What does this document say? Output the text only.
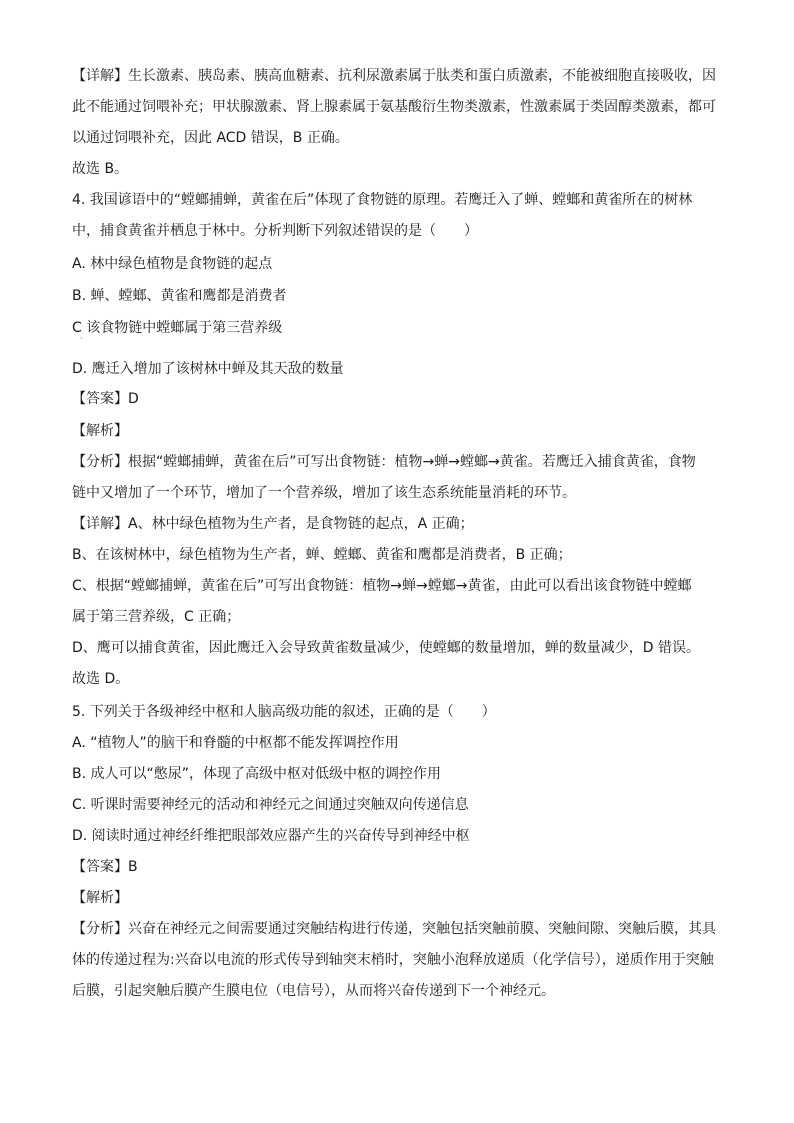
【详解】生长激素、胰岛素、胰高血糖素、抗利尿激素属于肽类和蛋白质激素，不能被细胞直接吸收，因
此不能通过饲喂补充；甲状腺激素、肾上腺素属于氨基酸衍生物类激素，性激素属于类固醇类激素，都可
以通过饲喂补充，因此 ACD 错误，B 正确。
故选 B。
4. 我国谚语中的“螳螂捕蝉，黄雀在后”体现了食物链的原理。若鹰迁入了蝉、螳螂和黄雀所在的树林
中，捕食黄雀并栖息于林中。分析判断下列叙述错误的是（　　）
A. 林中绿色植物是食物链的起点
B. 蝉、螳螂、黄雀和鹰都是消费者
C 该食物链中螳螂属于第三营养级
·
D. 鹰迁入增加了该树林中蝉及其天敌的数量
【答案】D
【解析】
【分析】根据“螳螂捕蝉，黄雀在后”可写出食物链：植物→蝉→螳螂→黄雀。若鹰迁入捕食黄雀，食物
链中又增加了一个环节，增加了一个营养级，增加了该生态系统能量消耗的环节。
【详解】A、林中绿色植物为生产者，是食物链的起点，A 正确；
B、在该树林中，绿色植物为生产者，蝉、螳螂、黄雀和鹰都是消费者，B 正确；
C、根据“螳螂捕蝉，黄雀在后”可写出食物链：植物→蝉→螳螂→黄雀，由此可以看出该食物链中螳螂
属于第三营养级，C 正确；
D、鹰可以捕食黄雀，因此鹰迁入会导致黄雀数量减少，使螳螂的数量增加，蝉的数量减少，D 错误。
故选 D。
5. 下列关于各级神经中枢和人脑高级功能的叙述，正确的是（　　）
A. “植物人”的脑干和脊髓的中枢都不能发挥调控作用
B. 成人可以“憋尿”，体现了高级中枢对低级中枢的调控作用
C. 听课时需要神经元的活动和神经元之间通过突触双向传递信息
D. 阅读时通过神经纤维把眼部效应器产生的兴奋传导到神经中枢
【答案】B
【解析】
【分析】兴奋在神经元之间需要通过突触结构进行传递，突触包括突触前膜、突触间隙、突触后膜，其具
体的传递过程为:兴奋以电流的形式传导到轴突末梢时，突触小泡释放递质（化学信号），递质作用于突触
后膜，引起突触后膜产生膜电位（电信号），从而将兴奋传递到下一个神经元。
